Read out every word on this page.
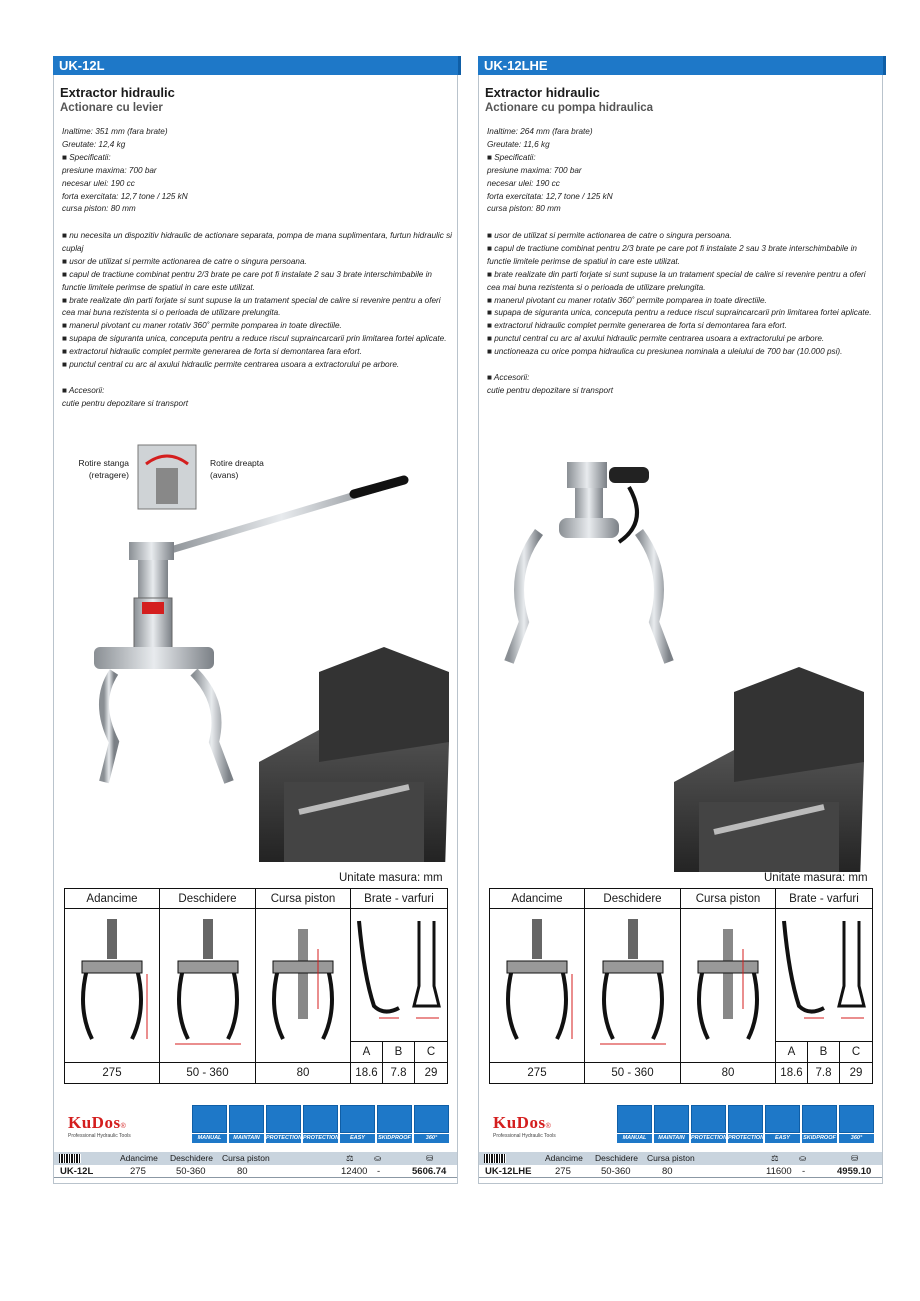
UK-12L
Extractor hidraulic
Actionare cu levier
Inaltime: 351 mm (fara brate)
Greutate: 12,4 kg
■ Specificatii:
presiune maxima: 700 bar
necesar ulei: 190 cc
forta exercitata: 12,7 tone / 125 kN
cursa piston: 80 mm
■ nu necesita un dispozitiv hidraulic de actionare separata, pompa de mana suplimentara, furtun hidraulic si cuplaj
■ usor de utilizat si permite actionarea de catre o singura persoana.
■ capul de tractiune combinat pentru 2/3 brate pe care pot fi instalate 2 sau 3 brate interschimbabile in functie limitele perimse de spatiul in care este utilizat.
■ brate realizate din parti forjate si sunt supuse la un tratament special de calire si revenire pentru a oferi cea mai buna rezistenta si o perioada de utilizare prelungita.
■ manerul pivotant cu maner rotativ 360˚ permite pomparea in toate directiile.
■ supapa de siguranta unica, conceputa pentru a reduce riscul supraincarcarii prin limitarea fortei aplicate.
■ extractorul hidraulic complet permite generarea de forta si demontarea fara efort.
■ punctul central cu arc al axului hidraulic permite centrarea usoara a extractorului pe arbore.
■ Accesorii:
cutie pentru depozitare si transport
Rotire stanga
(retragere)
Rotire dreapta
(avans)
Unitate masura: mm
Adancime	Deschidere	Cursa piston	Brate - varfuri		

			A	B	C
275	50 - 360	80	18.6	7.8	29
KuDos®
Professional Hydraulic Tools	MANUAL	MAINTAIN	PROTECTION PROTECTION	EASY	SKIDPROOF	360°
Adancime Deschidere Cursa piston	⚖ ⛀	⛁
UK-12L	275	50-360	80	12400 -	5606.74
UK-12LHE
Extractor hidraulic
Actionare cu pompa hidraulica
Inaltime: 264 mm (fara brate)
Greutate: 11,6 kg
■ Specificatii:
presiune maxima: 700 bar
necesar ulei: 190 cc
forta exercitata: 12,7 tone / 125 kN
cursa piston: 80 mm
■ usor de utilizat si permite actionarea de catre o singura persoana.
■ capul de tractiune combinat pentru 2/3 brate pe care pot fi instalate 2 sau 3 brate interschimbabile in functie limitele perimse de spatiul in care este utilizat.
■ brate realizate din parti forjate si sunt supuse la un tratament special de calire si revenire pentru a oferi cea mai buna rezistenta si o perioada de utilizare prelungita.
■ manerul pivotant cu maner rotativ 360˚ permite pomparea in toate directiile.
■ supapa de siguranta unica, conceputa pentru a reduce riscul supraincarcarii prin limitarea fortei aplicate.
■ extractorul hidraulic complet permite generarea de forta si demontarea fara efort.
■ punctul central cu arc al axului hidraulic permite centrarea usoara a extractorului pe arbore.
■ unctioneaza cu orice pompa hidraulica cu presiunea nominala a uleiului de 700 bar (10.000 psi).
■ Accesorii:
cutie pentru depozitare si transport
Unitate masura: mm
Adancime	Deschidere	Cursa piston	Brate - varfuri		

			A	B	C
275	50 - 360	80	18.6	7.8	29
KuDos®
Professional Hydraulic Tools	MANUAL	MAINTAIN	PROTECTION PROTECTION	EASY	SKIDPROOF	360°
Adancime Deschidere Cursa piston	⚖ ⛀	⛁
UK-12LHE 275	50-360	80	11600 -	4959.10
